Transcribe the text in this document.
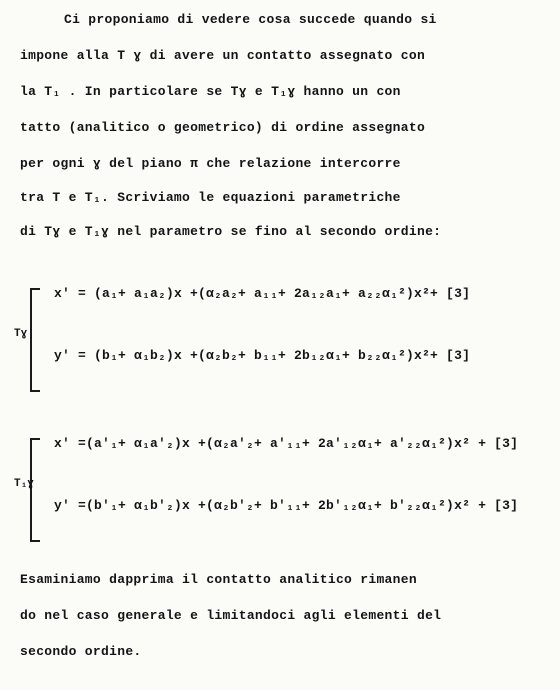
Ci proponiamo di vedere cosa succede quando si
impone alla T ɣ di avere un contatto assegnato con
la T₁ . In particolare se Tɣ e T₁ɣ hanno un con
tatto (analitico o geometrico) di ordine assegnato
per ogni ɣ del piano π che relazione intercorre
tra T e T₁. Scriviamo le equazioni parametriche
di Tɣ e T₁ɣ nel parametro se fino al secondo ordine:
Tɣ
x' = (a₁+ a₁a₂)x +(α₂a₂+ a₁₁+ 2a₁₂a₁+ a₂₂α₁²)x²+ [3]
y' = (b₁+ α₁b₂)x +(α₂b₂+ b₁₁+ 2b₁₂α₁+ b₂₂α₁²)x²+ [3]
T₁ɣ
x' =(a'₁+ α₁a'₂)x +(α₂a'₂+ a'₁₁+ 2a'₁₂α₁+ a'₂₂α₁²)x² + [3]
y' =(b'₁+ α₁b'₂)x +(α₂b'₂+ b'₁₁+ 2b'₁₂α₁+ b'₂₂α₁²)x² + [3]
Esaminiamo dapprima il contatto analitico rimanen
do nel caso generale e limitandoci agli elementi del
secondo ordine.
